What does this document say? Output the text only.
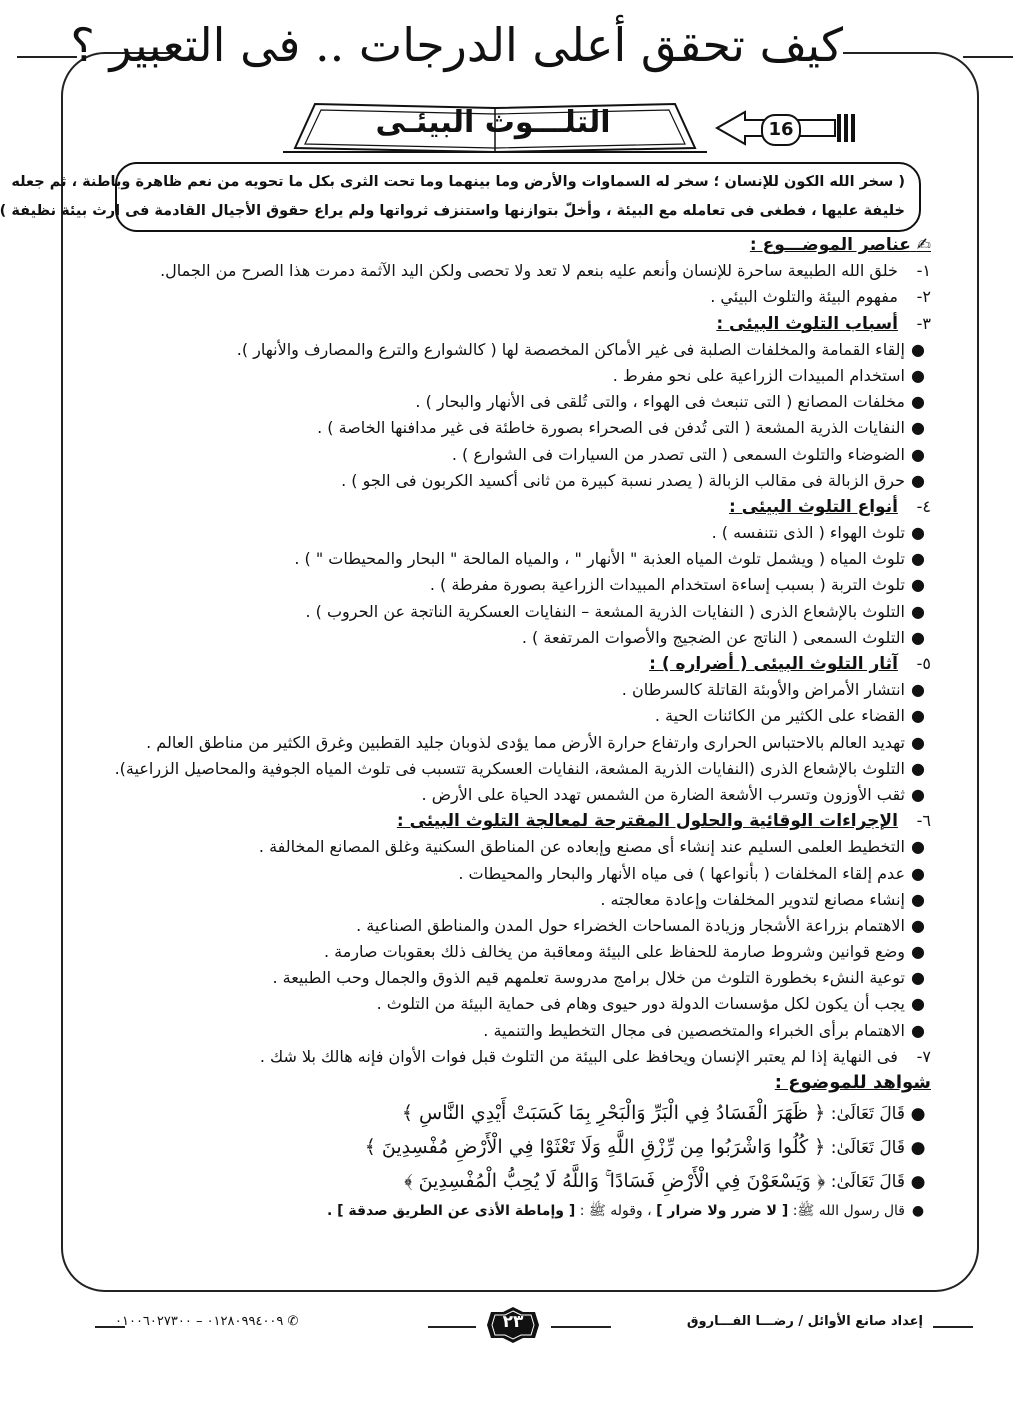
كيف تحقق أعلى الدرجات .. فى التعبير ؟
التلـــوث البيئـى	16
( سخر الله الكون للإنسان ؛ سخر له السماوات والأرض وما بينهما وما تحت الثرى بكل ما تحويه من نعم ظاهرة وباطنة ، ثم جعله
خليفة عليها ، فطغى فى تعامله مع البيئة ، وأخلّ بتوازنها واستنزف ثرواتها ولم يراع حقوق الأجيال القادمة فى إرث بيئة نظيفة )
✍ عناصر الموضـــوع :
١- خلق الله الطبيعة ساحرة للإنسان وأنعم عليه بنعم لا تعد ولا تحصى ولكن اليد الآثمة دمرت هذا الصرح من الجمال.
٢- مفهوم البيئة والتلوث البيئي .
٣- أسباب التلوث البيئى :
●إلقاء القمامة والمخلفات الصلبة فى غير الأماكن المخصصة لها ( كالشوارع والترع والمصارف والأنهار ).
●استخدام المبيدات الزراعية على نحو مفرط .
●مخلفات المصانع ( التى تنبعث فى الهواء ، والتى تُلقى فى الأنهار والبحار ) .
●النفايات الذرية المشعة ( التى تُدفن فى الصحراء بصورة خاطئة فى غير مدافنها الخاصة ) .
●الضوضاء والتلوث السمعى ( التى تصدر من السيارات فى الشوارع ) .
●حرق الزبالة فى مقالب الزبالة ( يصدر نسبة كبيرة من ثانى أكسيد الكربون فى الجو ) .
٤- أنواع التلوث البيئى :
●تلوث الهواء ( الذى نتنفسه ) .
●تلوث المياه ( ويشمل تلوث المياه العذبة " الأنهار " ، والمياه المالحة " البحار والمحيطات " ) .
●تلوث التربة ( بسبب إساءة استخدام المبيدات الزراعية بصورة مفرطة ) .
●التلوث بالإشعاع الذرى ( النفايات الذرية المشعة – النفايات العسكرية الناتجة عن الحروب ) .
●التلوث السمعى ( الناتج عن الضجيج والأصوات المرتفعة ) .
٥- آثار التلوث البيئى ( أضراره ) :
●انتشار الأمراض والأوبئة القاتلة كالسرطان .
●القضاء على الكثير من الكائنات الحية .
●تهديد العالم بالاحتباس الحرارى وارتفاع حرارة الأرض مما يؤدى لذوبان جليد القطبين وغرق الكثير من مناطق العالم .
●التلوث بالإشعاع الذرى (النفايات الذرية المشعة، النفايات العسكرية تتسبب فى تلوث المياه الجوفية والمحاصيل الزراعية).
●ثقب الأوزون وتسرب الأشعة الضارة من الشمس تهدد الحياة على الأرض .
٦- الإجراءات الوقائية والحلول المقترحة لمعالجة التلوث البيئى :
●التخطيط العلمى السليم عند إنشاء أى مصنع وإبعاده عن المناطق السكنية وغلق المصانع المخالفة .
●عدم إلقاء المخلفات ( بأنواعها ) فى مياه الأنهار والبحار والمحيطات .
●إنشاء مصانع لتدوير المخلفات وإعادة معالجته .
●الاهتمام بزراعة الأشجار وزيادة المساحات الخضراء حول المدن والمناطق الصناعية .
●وضع قوانين وشروط صارمة للحفاظ على البيئة ومعاقبة من يخالف ذلك بعقوبات صارمة .
●توعية النشء بخطورة التلوث من خلال برامج مدروسة تعلمهم قيم الذوق والجمال وحب الطبيعة .
●يجب أن يكون لكل مؤسسات الدولة دور حيوى وهام فى حماية البيئة من التلوث .
●الاهتمام برأى الخبراء والمتخصصين فى مجال التخطيط والتنمية .
٧- فى النهاية إذا لم يعتبر الإنسان ويحافظ على البيئة من التلوث قبل فوات الأوان فإنه هالك بلا شك .
شواهد للموضوع :
●قَالَ تَعَالَىٰ: ﴿ ظَهَرَ الْفَسَادُ فِي الْبَرِّ وَالْبَحْرِ بِمَا كَسَبَتْ أَيْدِي النَّاسِ ﴾
●قَالَ تَعَالَىٰ: ﴿ كُلُوا وَاشْرَبُوا مِن رِّزْقِ اللَّهِ وَلَا تَعْثَوْا فِي الْأَرْضِ مُفْسِدِينَ ﴾
●قَالَ تَعَالَىٰ: ﴿ وَيَسْعَوْنَ فِي الْأَرْضِ فَسَادًا ۚ وَاللَّهُ لَا يُحِبُّ الْمُفْسِدِينَ ﴾
●قال رسول الله ﷺ: [ لا ضرر ولا ضرار ] ، وقوله ﷺ : [ وإماطة الأذى عن الطريق صدقة ] .
إعداد صانع الأوائل / رضـــا الفـــاروق
٢٣
✆ ٠١٢٨٠٩٩٤٠٠٩ – ٠١٠٠٦٠٢٧٣٠٠
